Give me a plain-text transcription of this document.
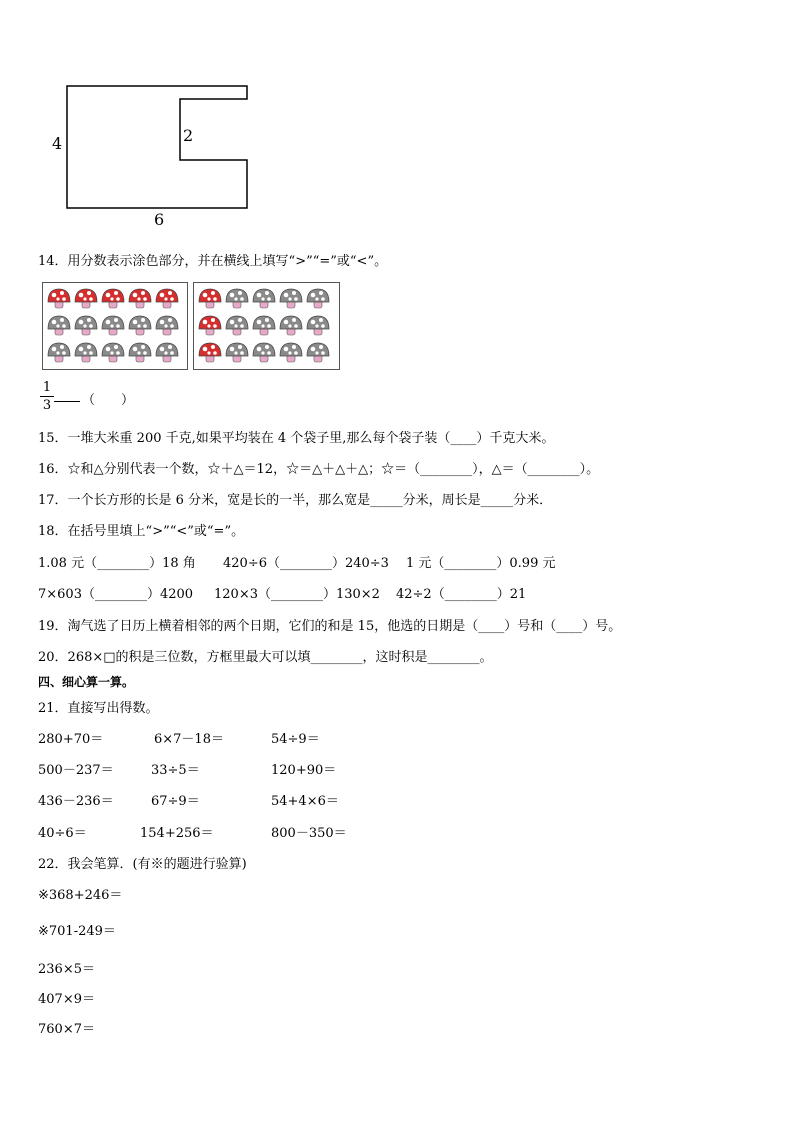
4	2
6
14．用分数表示涂色部分，并在横线上填写“>”“=”或“<”。
1
3 （　　）
15．一堆大米重 200 千克,如果平均装在 4 个袋子里,那么每个袋子装（____）千克大米。
16．☆和△分别代表一个数，☆＋△＝12，☆＝△＋△＋△；☆＝（________），△＝（________）。
17．一个长方形的长是 6 分米，宽是长的一半，那么宽是_____分米，周长是_____分米．
18．在括号里填上“>”“<”或“=”。
1.08 元（________）18 角 420÷6（________）240÷3 1 元（________）0.99 元
7×603（________）4200 120×3（________）130×2 42÷2（________）21
19．淘气选了日历上横着相邻的两个日期，它们的和是 15，他选的日期是（____）号和（____）号。
20．268×□的积是三位数，方框里最大可以填________，这时积是________。
四、细心算一算。
21．直接写出得数。
280+70＝	6×7－18＝	54÷9＝
500－237＝	33÷5＝	120+90＝
436－236＝	67÷9＝	54+4×6＝
40÷6＝	154+256＝	800－350＝
22．我会笔算．(有※的题进行验算)
※368+246＝
※701-249＝
236×5＝
407×9＝
760×7＝
